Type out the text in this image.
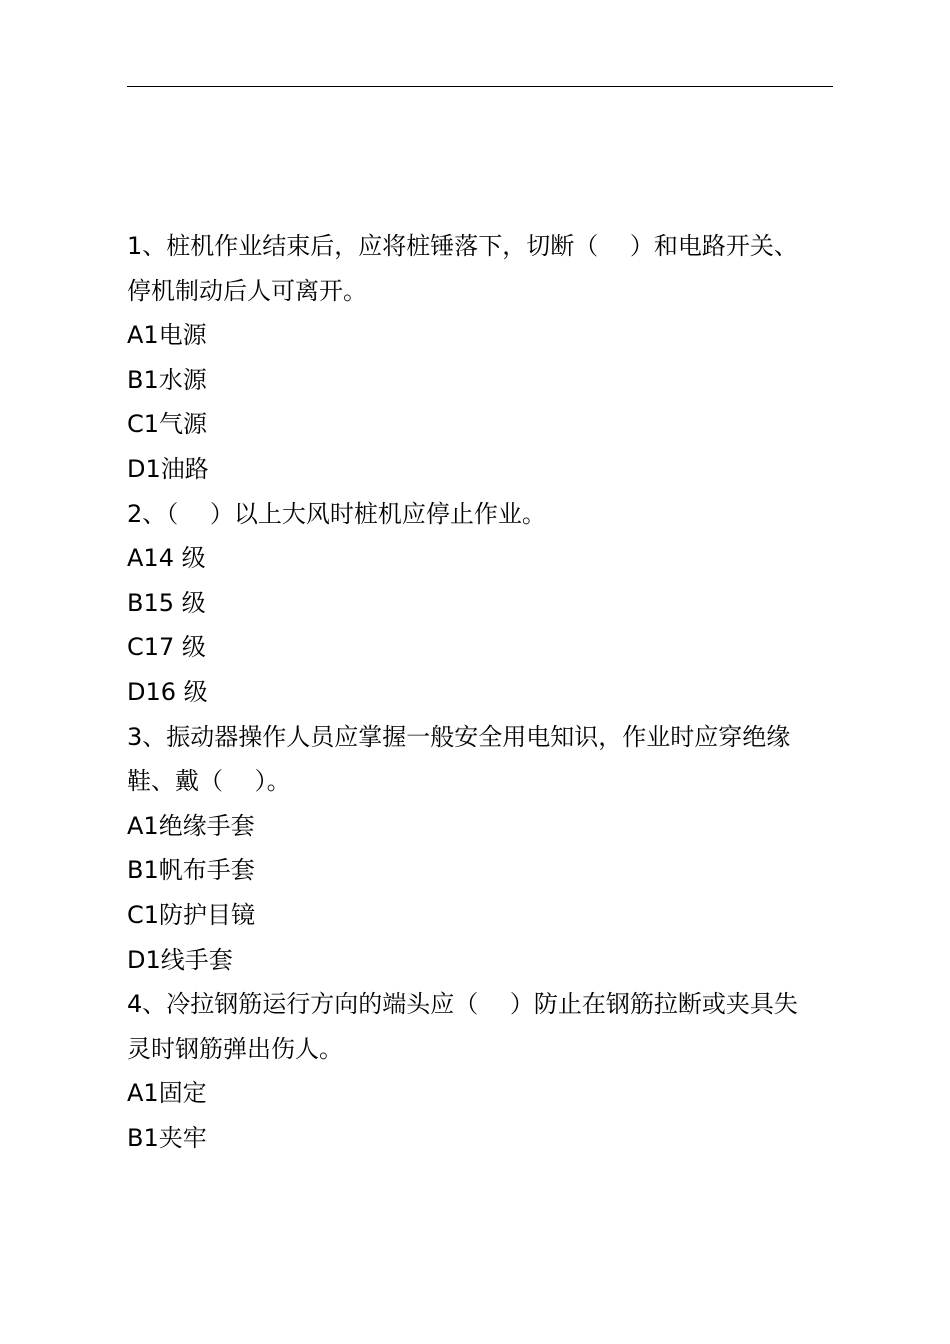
1、桩机作业结束后，应将桩锤落下，切断（　 ）和电路开关、

停机制动后人可离开。

A1电源

B1水源

C1气源

D1油路

2、（　 ）以上大风时桩机应停止作业。

A14 级

B15 级

C17 级

D16 级

3、振动器操作人员应掌握一般安全用电知识，作业时应穿绝缘

鞋、戴（　 ）。

A1绝缘手套

B1帆布手套

C1防护目镜

D1线手套

4、冷拉钢筋运行方向的端头应（　 ）防止在钢筋拉断或夹具失

灵时钢筋弹出伤人。

A1固定

B1夹牢
